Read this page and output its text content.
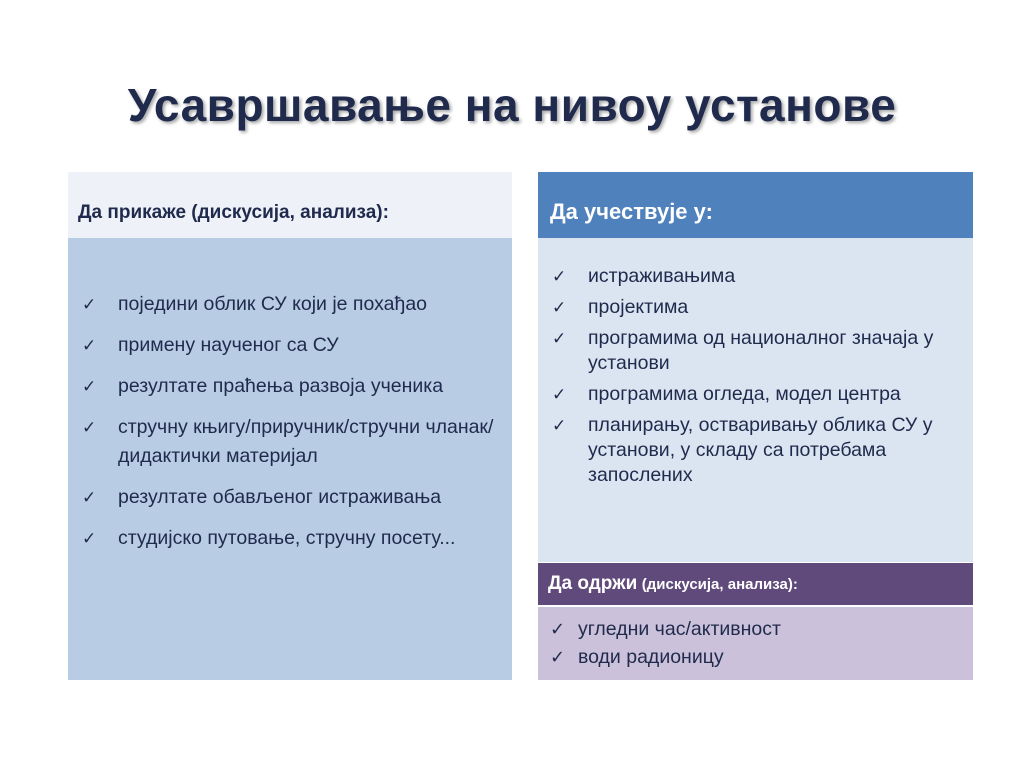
Усавршавање на нивоу установе
Да прикаже (дискусија, анализа):
✓ поједини облик СУ који је похађао
✓ примену наученог са СУ
✓ резултате праћења развоја ученика
✓ стручну књигу/приручник/стручни чланак/дидактички материјал
✓ резултате обављеног истраживања
✓ студијско путовање, стручну посету...
Да учествује у:
✓ истраживањима
✓ пројектима
✓ програмима од националног значаја у установи
✓ програмима огледа, модел центра
✓ планирању, остваривању облика СУ у установи, у складу са потребама запослених
Да одржи (дискусија, анализа):
✓ угледни час/активност
✓ води радионицу
